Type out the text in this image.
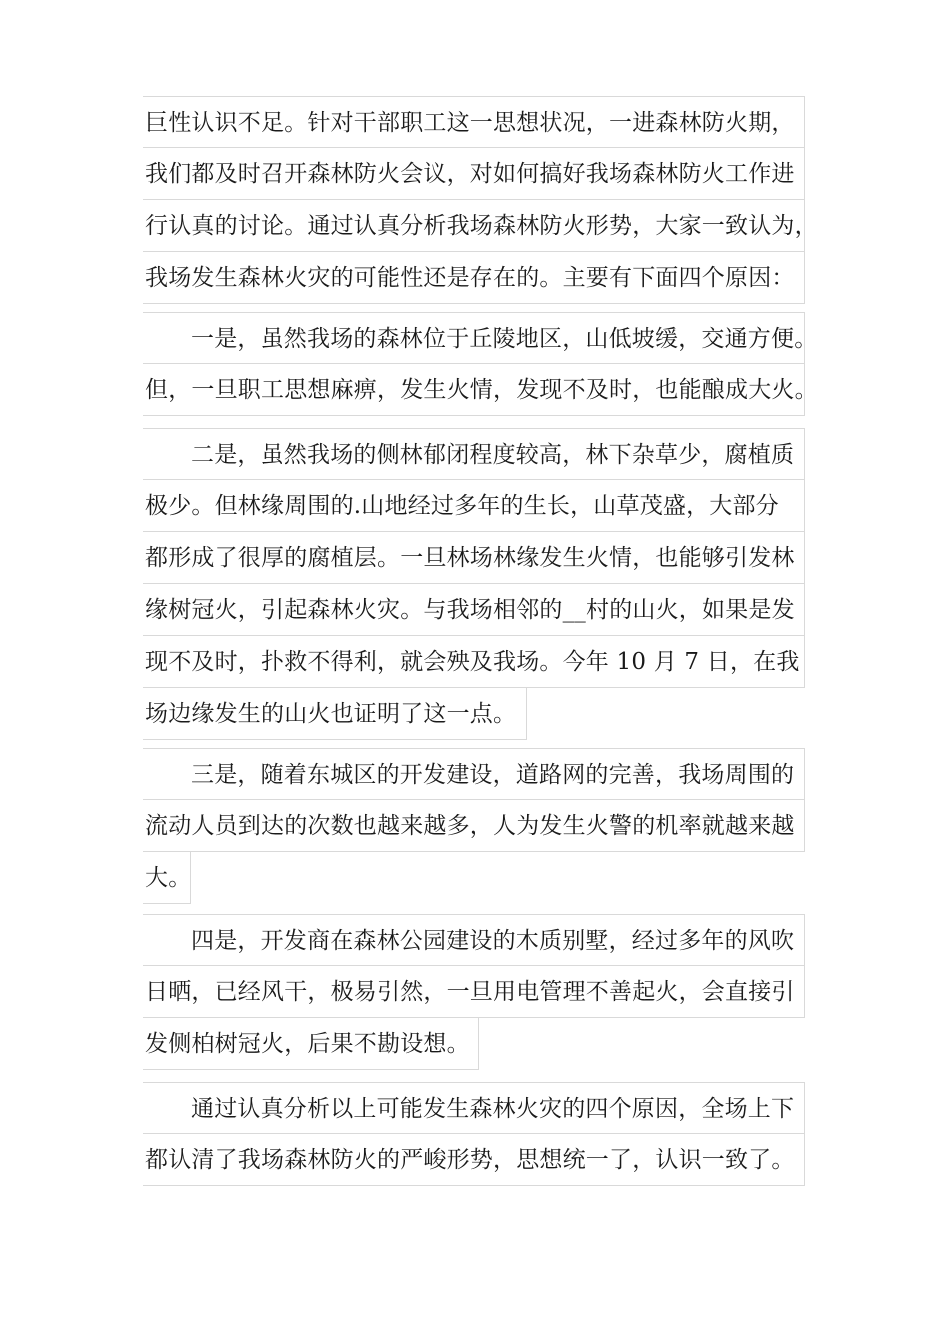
巨性认识不足。针对干部职工这一思想状况，一进森林防火期，
我们都及时召开森林防火会议，对如何搞好我场森林防火工作进
行认真的讨论。通过认真分析我场森林防火形势，大家一致认为，
我场发生森林火灾的可能性还是存在的。主要有下面四个原因：
一是，虽然我场的森林位于丘陵地区，山低坡缓，交通方便。
但，一旦职工思想麻痹，发生火情，发现不及时，也能酿成大火。
二是，虽然我场的侧林郁闭程度较高，林下杂草少，腐植质
极少。但林缘周围的.山地经过多年的生长，山草茂盛，大部分
都形成了很厚的腐植层。一旦林场林缘发生火情，也能够引发林
缘树冠火，引起森林火灾。与我场相邻的__村的山火，如果是发
现不及时，扑救不得利，就会殃及我场。今年 10 月 7 日，在我
场边缘发生的山火也证明了这一点。
三是，随着东城区的开发建设，道路网的完善，我场周围的
流动人员到达的次数也越来越多，人为发生火警的机率就越来越
大。
四是，开发商在森林公园建设的木质别墅，经过多年的风吹
日晒，已经风干，极易引然，一旦用电管理不善起火，会直接引
发侧柏树冠火，后果不勘设想。
通过认真分析以上可能发生森林火灾的四个原因，全场上下
都认清了我场森林防火的严峻形势，思想统一了，认识一致了。
